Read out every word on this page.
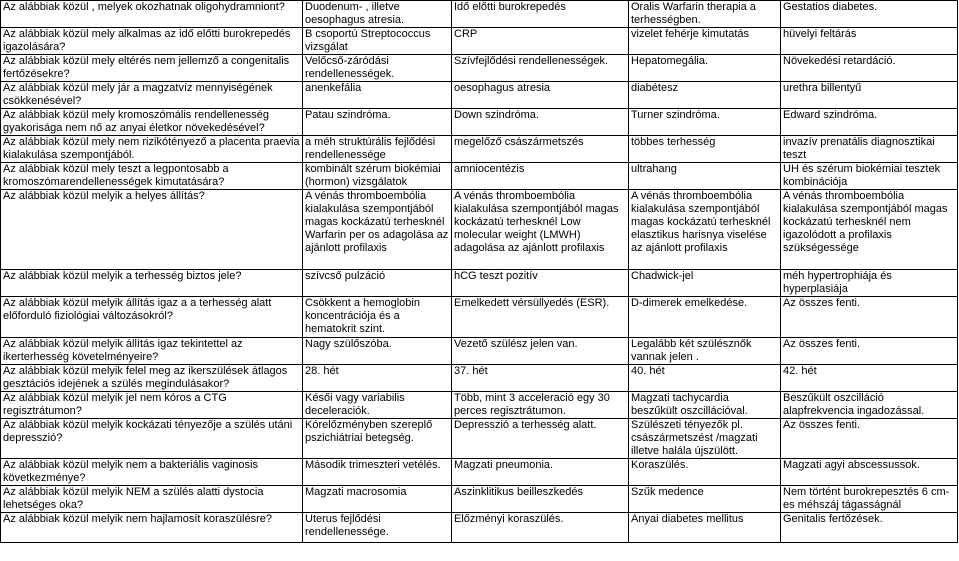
Az alábbiak közül , melyek okozhatnak oligohydramniont?	Duodenum- , illetve oesophagus atresia.	Idő előtti burokrepedés	Oralis Warfarin therapia a terhességben.	Gestatios diabetes.
Az alábbiak közül mely alkalmas az idő előtti burokrepedés igazolására?	B csoportú Streptococcus vizsgálat	CRP	vizelet fehérje kimutatás	hüvelyi feltárás
Az alábbiak közül mely eltérés nem jellemző a congenitalis fertőzésekre?	Velőcső-záródási rendellenességek.	Szívfejlődési rendellenességek.	Hepatomegália.	Növekedési retardáció.
Az alábbiak közül mely jár a magzatvíz mennyiségének csökkenésével?	anenkefália	oesophagus atresia	diabétesz	urethra billentyű
Az alábbiak közül mely kromoszómális rendellenesség gyakorisága nem nő az anyai életkor növekedésével?	Patau szindróma.	Down szindróma.	Turner szindróma.	Edward szindróma.
Az alábbiak közül mely nem rizikótényező a placenta praevia kialakulása szempontjából.	a méh struktúrális fejlődési rendellenessége	megelőző császármetszés	többes terhesség	invazív prenatális diagnosztikai teszt
Az alábbiak közül mely teszt a legpontosabb a kromoszómarendellenességek kimutatására?	kombinált szérum biokémiai (hormon) vizsgálatok	amniocentézis	ultrahang	UH és szérum biokémiai tesztek kombinációja
Az alábbiak közül melyik a helyes állítás?	A vénás thromboembólia kialakulása szempontjából magas kockázatú terhesknél Warfarin per os adagolása az ajánlott profilaxis	A vénás thromboembólia kialakulása szempontjából magas kockázatú terhesknél Low molecular weight (LMWH) adagolása az ajánlott profilaxis	A vénás thromboembólia kialakulása szempontjából magas kockázatú terhesknél elasztikus harisnya viselése az ajánlott profilaxis	A vénás thromboembólia kialakulása szempontjából magas kockázatú terhesknél nem igazolódott a profilaxis szükségessége
Az alábbiak közül melyik a terhesség biztos jele?	szívcső pulzáció	hCG teszt pozitív	Chadwick-jel	méh hypertrophiája és hyperplasiája
Az alábbiak közül melyik állítás igaz a a terhesség alatt előforduló fiziológiai változásokról?	Csökkent a hemoglobin koncentrációja és a hematokrit szint.	Emelkedett vérsüllyedés (ESR).	D-dimerek emelkedése.	Az összes fenti.
Az alábbiak közül melyik állítás igaz tekintettel az ikerterhesség követelményeire?	Nagy szülőszóba.	Vezető szülész jelen van.	Legalább két szülésznők vannak jelen .	Az összes fenti.
Az alábbiak közül melyik felel meg az ikerszülések átlagos gesztációs idejének a szülés megindulásakor?	28. hét	37. hét	40. hét	42. hét
Az alábbiak közül melyik jel nem kóros a CTG regisztrátumon?	Késői vagy variabilis deceleraciók.	Több, mint 3 acceleració egy 30 perces regisztrátumon.	Magzati tachycardia beszűkült oszcillációval.	Beszűkült oszcilláció alapfrekvencia ingadozással.
Az alábbiak közül melyik kockázati tényezője a szülés utáni depresszió?	Kórelőzményben szereplő pszichiátriai betegség.	Depresszió a terhesség alatt.	Szülészeti tényezők pl. császármetszést /magzati illetve halála újszülött.	Az összes fenti.
Az alábbiak közül melyik nem a bakteriális vaginosis következménye?	Második trimeszteri vetélés.	Magzati pneumonia.	Koraszülés.	Magzati agyi abscessussok.
Az alábbiak közül melyik NEM a szülés alatti dystocia lehetséges oka?	Magzati macrosomia	Aszinklitikus beilleszkedés	Szűk medence	Nem történt burokrepesztés 6 cm-es méhszáj tágasságnál
Az alábbiak közül melyik nem hajlamosít koraszülésre?	Uterus fejlődési rendellenessége.	Előzményi koraszülés.	Anyai diabetes mellitus	Genitalis fertőzések.
